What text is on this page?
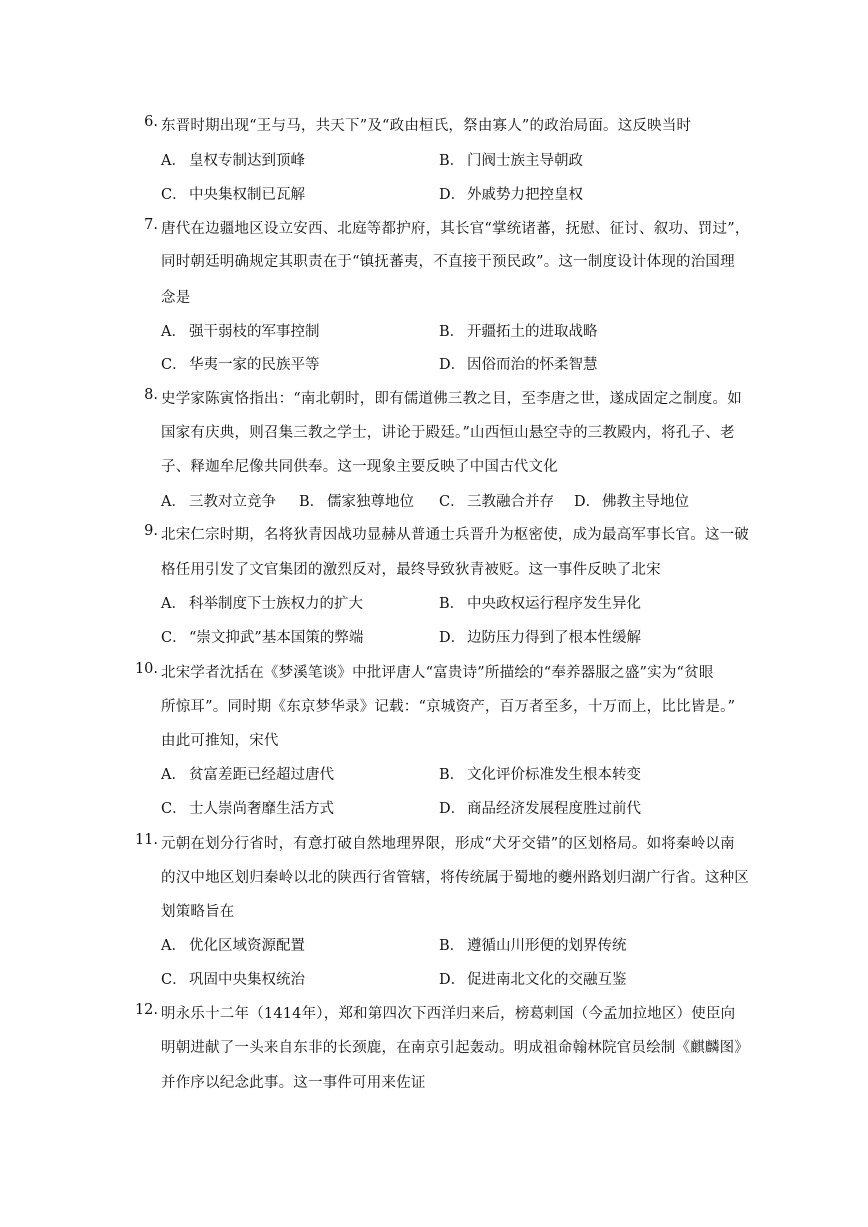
6. 东晋时期出现“王与马，共天下”及“政由桓氏，祭由寡人”的政治局面。这反映当时
A． 皇权专制达到顶峰	B． 门阀士族主导朝政
C． 中央集权制已瓦解	D． 外戚势力把控皇权
7. 唐代在边疆地区设立安西、北庭等都护府，其长官“掌统诸蕃，抚慰、征讨、叙功、罚过”，
同时朝廷明确规定其职责在于“镇抚蕃夷，不直接干预民政”。这一制度设计体现的治国理
念是
A． 强干弱枝的军事控制	B． 开疆拓土的进取战略
C． 华夷一家的民族平等	D． 因俗而治的怀柔智慧
8. 史学家陈寅恪指出：“南北朝时，即有儒道佛三教之目，至李唐之世，遂成固定之制度。如
国家有庆典，则召集三教之学士，讲论于殿廷。”山西恒山悬空寺的三教殿内，将孔子、老
子、释迦牟尼像共同供奉。这一现象主要反映了中国古代文化
A． 三教对立竞争 B． 儒家独尊地位 C． 三教融合并存 D． 佛教主导地位
9. 北宋仁宗时期，名将狄青因战功显赫从普通士兵晋升为枢密使，成为最高军事长官。这一破
格任用引发了文官集团的激烈反对，最终导致狄青被贬。这一事件反映了北宋
A． 科举制度下士族权力的扩大	B． 中央政权运行程序发生异化
C． “崇文抑武”基本国策的弊端	D． 边防压力得到了根本性缓解
10. 北宋学者沈括在《梦溪笔谈》中批评唐人“富贵诗”所描绘的“奉养器服之盛”实为“贫眼
所惊耳”。同时期《东京梦华录》记载：“京城资产，百万者至多，十万而上，比比皆是。”
由此可推知，宋代
A． 贫富差距已经超过唐代	B． 文化评价标准发生根本转变
C． 士人崇尚奢靡生活方式	D． 商品经济发展程度胜过前代
11. 元朝在划分行省时，有意打破自然地理界限，形成“犬牙交错”的区划格局。如将秦岭以南
的汉中地区划归秦岭以北的陕西行省管辖，将传统属于蜀地的夔州路划归湖广行省。这种区
划策略旨在
A． 优化区域资源配置	B． 遵循山川形便的划界传统
C． 巩固中央集权统治	D． 促进南北文化的交融互鉴
12. 明永乐十二年（1414年），郑和第四次下西洋归来后，榜葛剌国（今孟加拉地区）使臣向
明朝进献了一头来自东非的长颈鹿，在南京引起轰动。明成祖命翰林院官员绘制《麒麟图》
并作序以纪念此事。这一事件可用来佐证
